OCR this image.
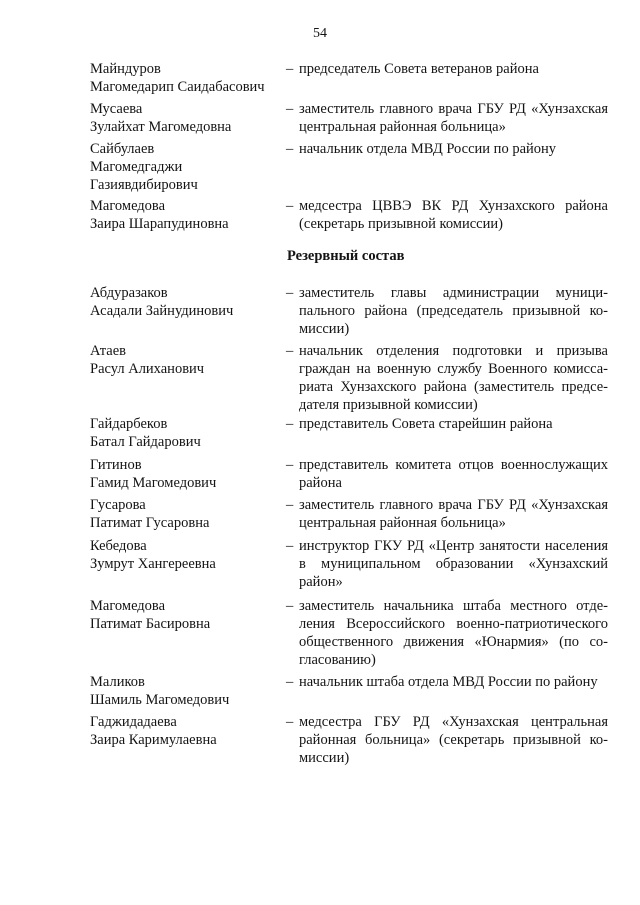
54
Майндуров
Магомедарип Саидабасович
– председатель Совета ветеранов района
Мусаева
Зулайхат Магомедовна
– заместитель главного врача ГБУ РД «Хунзахская центральная районная больница»
Сайбулаев
Магомедгаджи
Газиявдибирович
– начальник отдела МВД России по району
Магомедова
Заира Шарапудиновна
– медсестра ЦВВЭ ВК РД Хунзахского района (секретарь призывной комиссии)
Резервный состав
Абдуразаков
Асадали Зайнудинович
– заместитель главы администрации муниципального района (председатель призывной комиссии)
Атаев
Расул Алиханович
– начальник отделения подготовки и призыва граждан на военную службу Военного комиссариата Хунзахского района (заместитель председателя призывной комиссии)
Гайдарбеков
Батал Гайдарович
– представитель Совета старейшин района
Гитинов
Гамид Магомедович
– представитель комитета отцов военнослужащих района
Гусарова
Патимат Гусаровна
– заместитель главного врача ГБУ РД «Хунзахская центральная районная больница»
Кебедова
Зумрут Хангереевна
– инструктор ГКУ РД «Центр занятости населения в муниципальном образовании «Хунзахский район»
Магомедова
Патимат Басировна
– заместитель начальника штаба местного отделения Всероссийского военно-патриотического общественного движения «Юнармия» (по согласованию)
Маликов
Шамиль Магомедович
– начальник штаба отдела МВД России по району
Гаджидадаева
Заира Каримулаевна
– медсестра ГБУ РД «Хунзахская центральная районная больница» (секретарь призывной комиссии)
